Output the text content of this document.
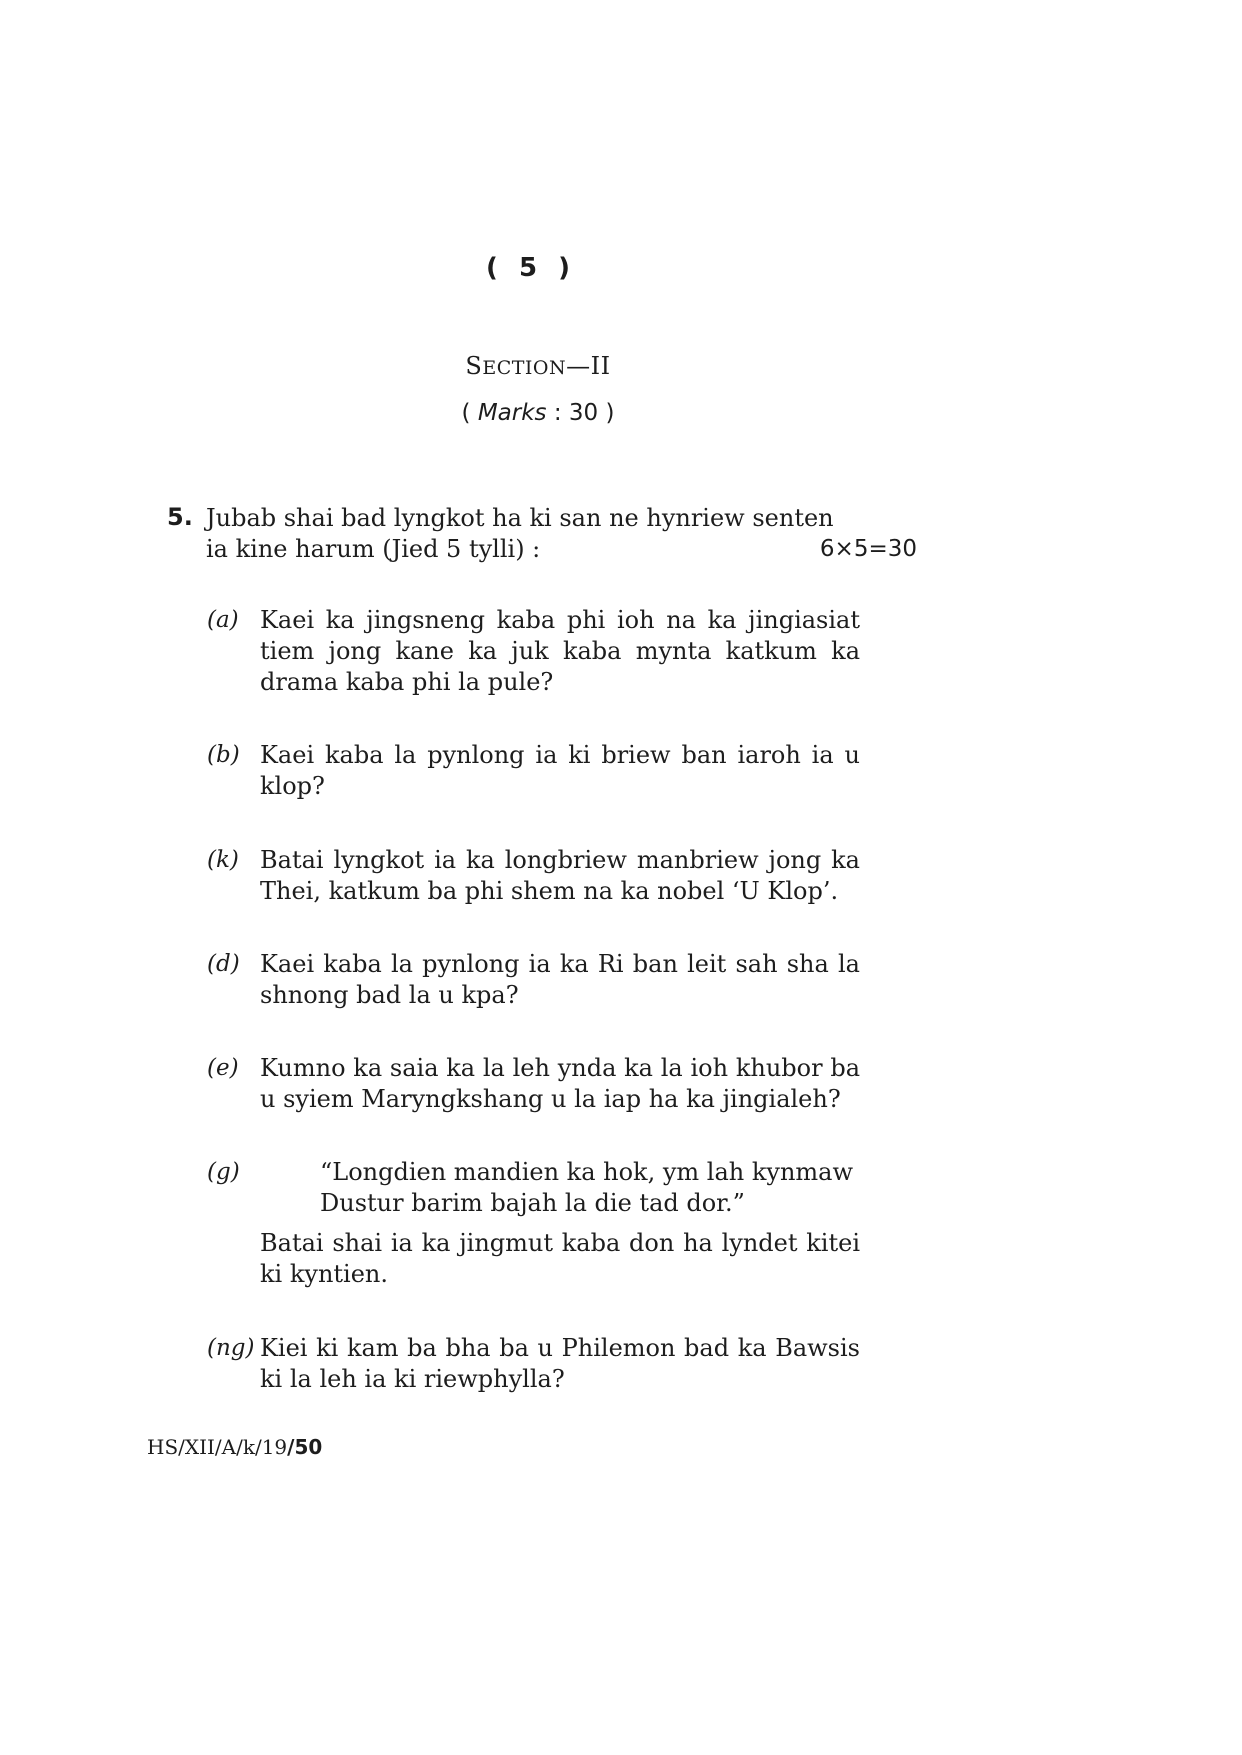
( 5 )
SECTION—II
( Marks : 30 )
5. Jubab shai bad lyngkot ha ki san ne hynriew senten ia kine harum (Jied 5 tylli) :	6×5=30
(a) Kaei ka jingsneng kaba phi ioh na ka jingiasiat tiem jong kane ka juk kaba mynta katkum ka drama kaba phi la pule?
(b) Kaei kaba la pynlong ia ki briew ban iaroh ia u klop?
(k) Batai lyngkot ia ka longbriew manbriew jong ka Thei, katkum ba phi shem na ka nobel ‘U Klop’.
(d) Kaei kaba la pynlong ia ka Ri ban leit sah sha la shnong bad la u kpa?
(e) Kumno ka saia ka la leh ynda ka la ioh khubor ba u syiem Maryngkshang u la iap ha ka jingialeh?
(g)	“Longdien mandien ka hok, ym lah kynmaw
Dustur barim bajah la die tad dor.”
Batai shai ia ka jingmut kaba don ha lyndet kitei ki kyntien.
(ng) Kiei ki kam ba bha ba u Philemon bad ka Bawsis ki la leh ia ki riewphylla?
HS/XII/A/k/19/50
